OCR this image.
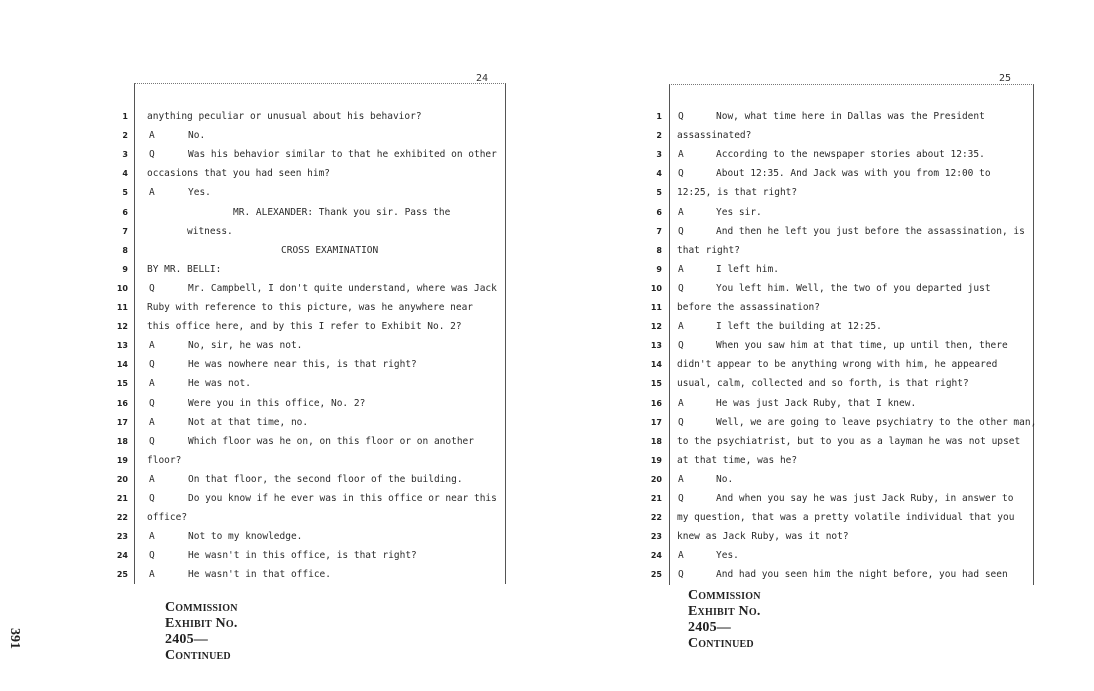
24
1 anything peculiar or unusual about his behavior?
2 A	No.
3 Q	Was his behavior similar to that he exhibited on other
4 occasions that you had seen him?
5 A	Yes.
6	MR. ALEXANDER: Thank you sir. Pass the
7	witness.
8	CROSS EXAMINATION
9 BY MR. BELLI:
10 Q	Mr. Campbell, I don't quite understand, where was Jack
11 Ruby with reference to this picture, was he anywhere near
12 this office here, and by this I refer to Exhibit No. 2?
13 A	No, sir, he was not.
14 Q	He was nowhere near this, is that right?
15 A	He was not.
16 Q	Were you in this office, No. 2?
17 A	Not at that time, no.
18 Q	Which floor was he on, on this floor or on another
19 floor?
20 A	On that floor, the second floor of the building.
21 Q	Do you know if he ever was in this office or near this
22 office?
23 A	Not to my knowledge.
24 Q	He wasn't in this office, is that right?
25 A	He wasn't in that office.
Commission Exhibit No. 2405—Continued
25
1 Q	Now, what time here in Dallas was the President
2 assassinated?
3 A	According to the newspaper stories about 12:35.
4 Q	About 12:35. And Jack was with you from 12:00 to
5 12:25, is that right?
6 A	Yes sir.
7 Q	And then he left you just before the assassination, is
8 that right?
9 A	I left him.
10 Q	You left him. Well, the two of you departed just
11 before the assassination?
12 A	I left the building at 12:25.
13 Q	When you saw him at that time, up until then, there
14 didn't appear to be anything wrong with him, he appeared
15 usual, calm, collected and so forth, is that right?
16 A	He was just Jack Ruby, that I knew.
17 Q	Well, we are going to leave psychiatry to the other man,
18 to the psychiatrist, but to you as a layman he was not upset
19 at that time, was he?
20 A	No.
21 Q	And when you say he was just Jack Ruby, in answer to
22 my question, that was a pretty volatile individual that you
23 knew as Jack Ruby, was it not?
24 A	Yes.
25 Q	And had you seen him the night before, you had seen
Commission Exhibit No. 2405—Continued
391
